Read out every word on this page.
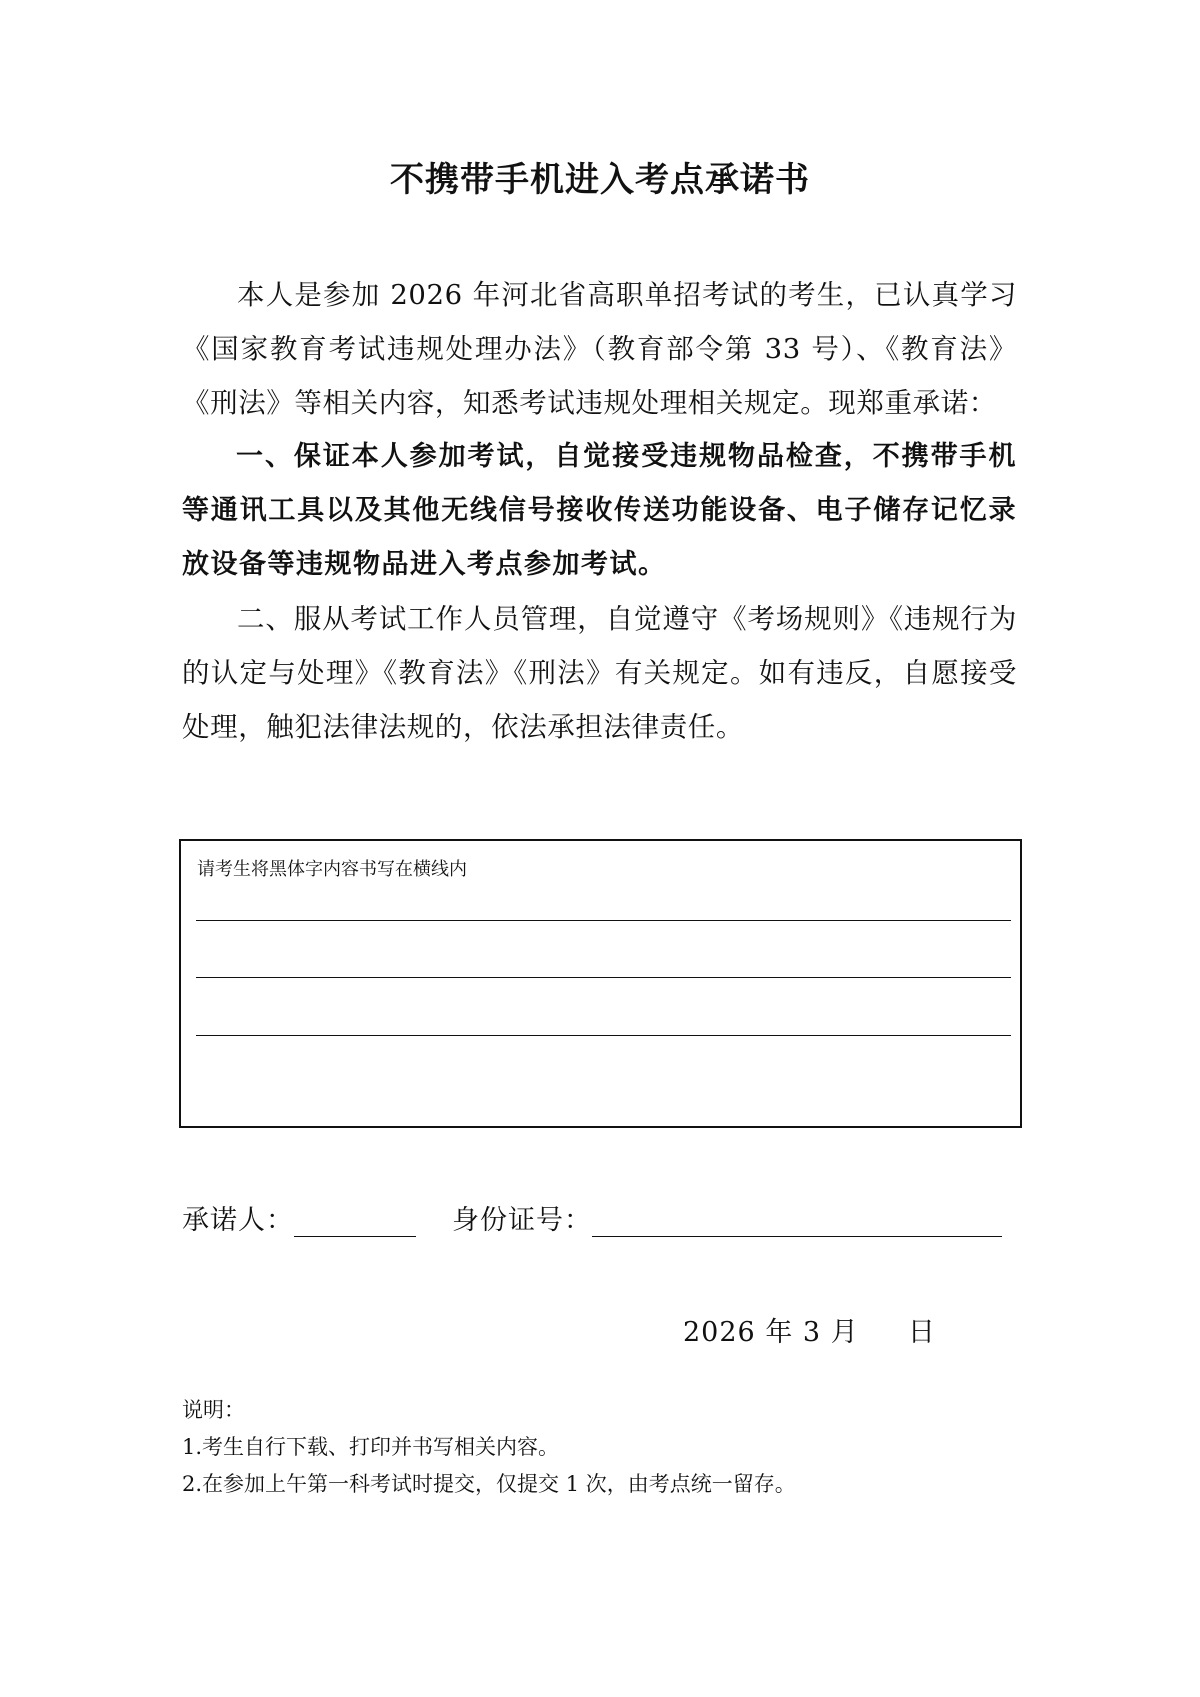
不携带手机进入考点承诺书

本人是参加 2026 年河北省高职单招考试的考生，已认真学习《国家教育考试违规处理办法》（教育部令第 33 号）、《教育法》《刑法》等相关内容，知悉考试违规处理相关规定。现郑重承诺：

一、保证本人参加考试，自觉接受违规物品检查，不携带手机等通讯工具以及其他无线信号接收传送功能设备、电子储存记忆录放设备等违规物品进入考点参加考试。

二、服从考试工作人员管理，自觉遵守《考场规则》《违规行为的认定与处理》《教育法》《刑法》有关规定。如有违反，自愿接受处理，触犯法律法规的，依法承担法律责任。

请考生将黑体字内容书写在横线内
承诺人：	身份证号：
2026 年 3 月 日
说明：
1.考生自行下载、打印并书写相关内容。
2.在参加上午第一科考试时提交，仅提交 1 次，由考点统一留存。
